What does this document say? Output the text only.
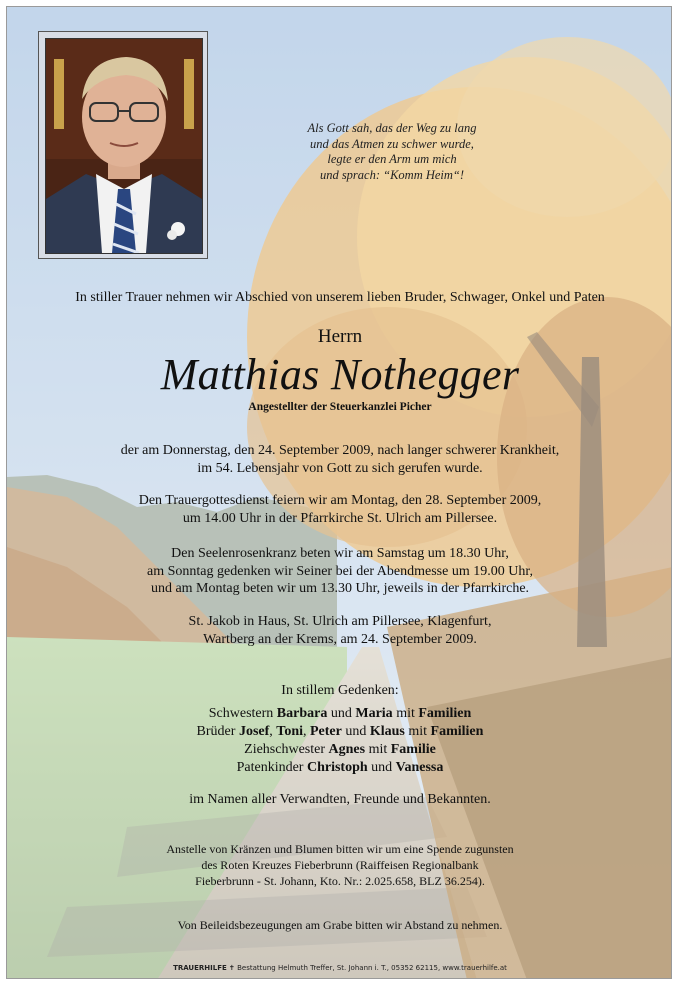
Als Gott sah, das der Weg zu lang
und das Atmen zu schwer wurde,
legte er den Arm um mich
und sprach: “Komm Heim“!
In stiller Trauer nehmen wir Abschied von unserem lieben Bruder, Schwager, Onkel und Paten
Herrn
Matthias Nothegger
Angestellter der Steuerkanzlei Picher
der am Donnerstag, den 24. September 2009, nach langer schwerer Krankheit,
im 54. Lebensjahr von Gott zu sich gerufen wurde.
Den Trauergottesdienst feiern wir am Montag, den 28. September 2009,
um 14.00 Uhr in der Pfarrkirche St. Ulrich am Pillersee.
Den Seelenrosenkranz beten wir am Samstag um 18.30 Uhr,
am Sonntag gedenken wir Seiner bei der Abendmesse um 19.00 Uhr,
und am Montag beten wir um 13.30 Uhr, jeweils in der Pfarrkirche.
St. Jakob in Haus, St. Ulrich am Pillersee, Klagenfurt,
Wartberg an der Krems, am 24. September 2009.
In stillem Gedenken:
Schwestern Barbara und Maria mit Familien
Brüder Josef, Toni, Peter und Klaus mit Familien
Ziehschwester Agnes mit Familie
Patenkinder Christoph und Vanessa
im Namen aller Verwandten, Freunde und Bekannten.
Anstelle von Kränzen und Blumen bitten wir um eine Spende zugunsten
des Roten Kreuzes Fieberbrunn (Raiffeisen Regionalbank
Fieberbrunn - St. Johann, Kto. Nr.: 2.025.658, BLZ 36.254).
Von Beileidsbezeugungen am Grabe bitten wir Abstand zu nehmen.
TRAUERHILFE ✝ Bestattung Helmuth Treffer, St. Johann i. T., 05352 62115, www.trauerhilfe.at
